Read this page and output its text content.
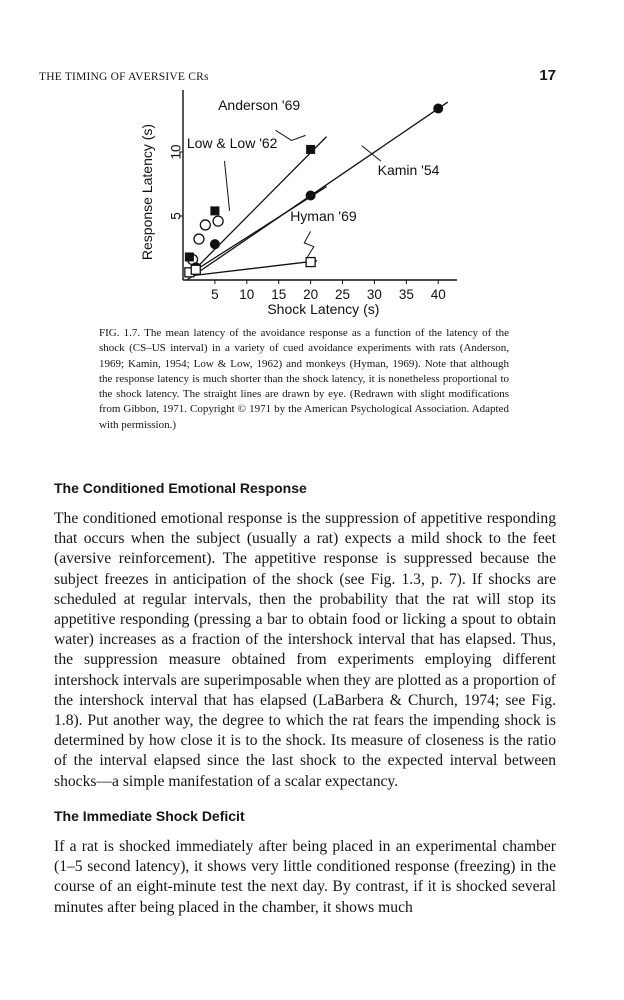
THE TIMING OF AVERSIVE CRs	17
5 10 15 20 25 30 35 40
5
10
Shock Latency (s)
Response Latency (s)
Anderson '69
Low & Low '62
Kamin '54
Hyman '69
FIG. 1.7. The mean latency of the avoidance response as a function of the latency of the shock (CS–US interval) in a variety of cued avoidance experiments with rats (Anderson, 1969; Kamin, 1954; Low & Low, 1962) and monkeys (Hyman, 1969). Note that although the response latency is much shorter than the shock latency, it is nonetheless proportional to the shock latency. The straight lines are drawn by eye. (Redrawn with slight modifications from Gibbon, 1971. Copyright © 1971 by the American Psychological Association. Adapted with permission.)
The Conditioned Emotional Response

The conditioned emotional response is the suppression of appetitive responding that occurs when the subject (usually a rat) expects a mild shock to the feet (aversive reinforcement). The appetitive response is suppressed because the subject freezes in anticipation of the shock (see Fig. 1.3, p. 7). If shocks are scheduled at regular intervals, then the probability that the rat will stop its appetitive responding (pressing a bar to obtain food or licking a spout to obtain water) increases as a fraction of the intershock interval that has elapsed. Thus, the suppression measure obtained from experiments employing different intershock intervals are superimposable when they are plotted as a proportion of the intershock interval that has elapsed (LaBarbera & Church, 1974; see Fig. 1.8). Put another way, the degree to which the rat fears the impending shock is determined by how close it is to the shock. Its measure of closeness is the ratio of the interval elapsed since the last shock to the expected interval between shocks—a simple manifestation of a scalar expectancy.

The Immediate Shock Deficit

If a rat is shocked immediately after being placed in an experimental chamber (1–5 second latency), it shows very little conditioned response (freezing) in the course of an eight-minute test the next day. By contrast, if it is shocked several minutes after being placed in the chamber, it shows much
